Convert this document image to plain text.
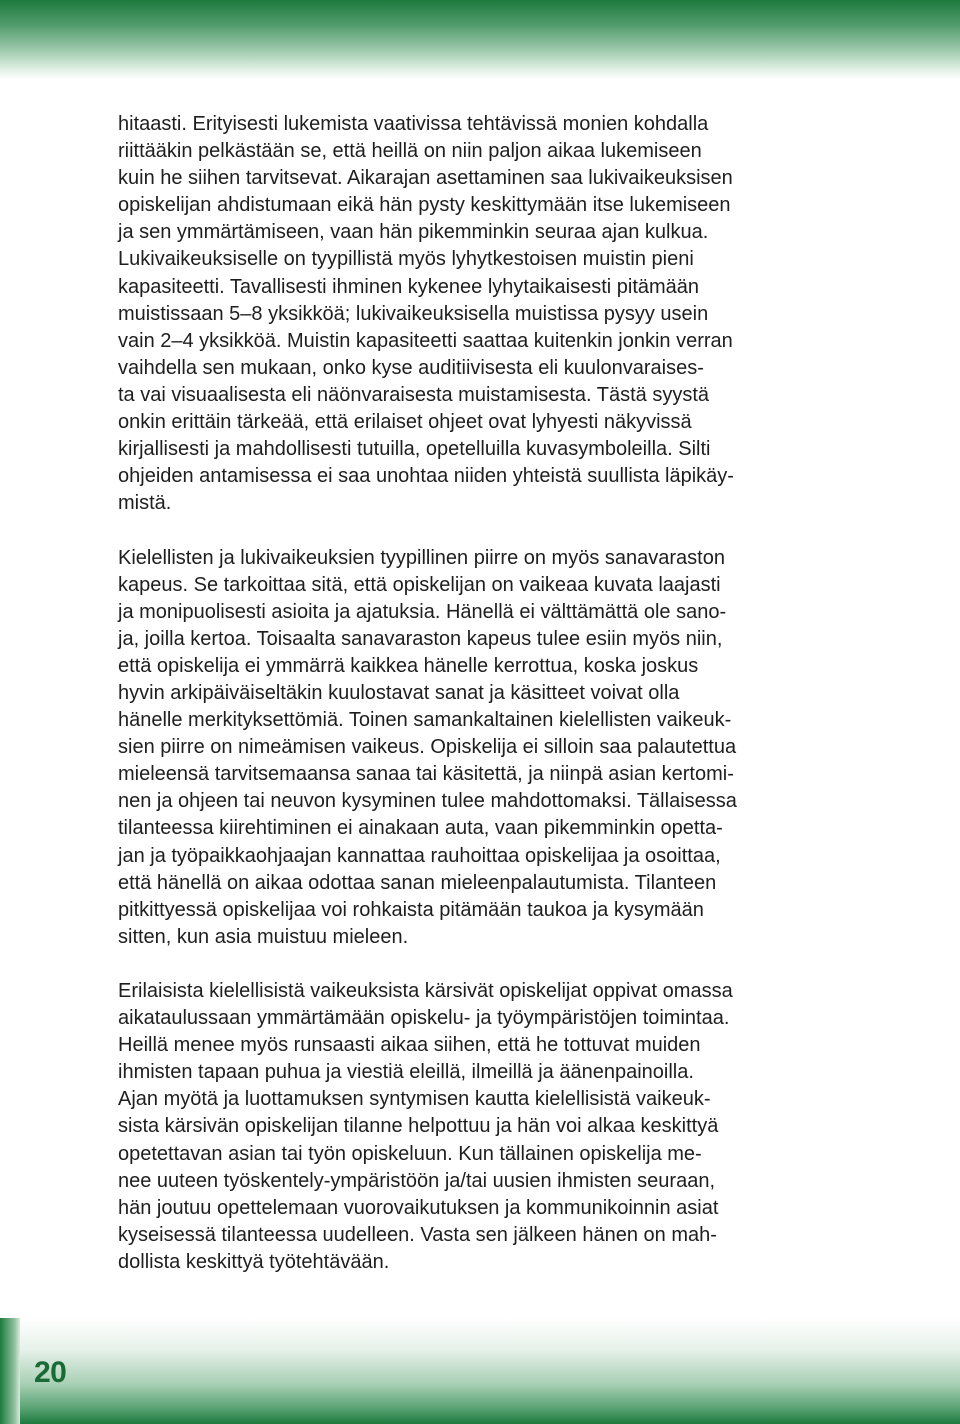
hitaasti. Erityisesti lukemista vaativissa tehtävissä monien kohdalla
riittääkin pelkästään se, että heillä on niin paljon aikaa lukemiseen
kuin he siihen tarvitsevat. Aikarajan asettaminen saa lukivaikeuksisen
opiskelijan ahdistumaan eikä hän pysty keskittymään itse lukemiseen
ja sen ymmärtämiseen, vaan hän pikemminkin seuraa ajan kulkua.
Lukivaikeuksiselle on tyypillistä myös lyhytkestoisen muistin pieni
kapasiteetti. Tavallisesti ihminen kykenee lyhytaikaisesti pitämään
muistissaan 5–8 yksikköä; lukivaikeuksisella muistissa pysyy usein
vain 2–4 yksikköä. Muistin kapasiteetti saattaa kuitenkin jonkin verran
vaihdella sen mukaan, onko kyse auditiivisesta eli kuulonvaraises-
ta vai visuaalisesta eli näönvaraisesta muistamisesta. Tästä syystä
onkin erittäin tärkeää, että erilaiset ohjeet ovat lyhyesti näkyvissä
kirjallisesti ja mahdollisesti tutuilla, opetelluilla kuvasymboleilla. Silti
ohjeiden antamisessa ei saa unohtaa niiden yhteistä suullista läpikäy-
mistä.
Kielellisten ja lukivaikeuksien tyypillinen piirre on myös sanavaraston
kapeus. Se tarkoittaa sitä, että opiskelijan on vaikeaa kuvata laajasti
ja monipuolisesti asioita ja ajatuksia. Hänellä ei välttämättä ole sano-
ja, joilla kertoa. Toisaalta sanavaraston kapeus tulee esiin myös niin,
että opiskelija ei ymmärrä kaikkea hänelle kerrottua, koska joskus
hyvin arkipäiväiseltäkin kuulostavat sanat ja käsitteet voivat olla
hänelle merkityksettömiä. Toinen samankaltainen kielellisten vaikeuk-
sien piirre on nimeämisen vaikeus. Opiskelija ei silloin saa palautettua
mieleensä tarvitsemaansa sanaa tai käsitettä, ja niinpä asian kertomi-
nen ja ohjeen tai neuvon kysyminen tulee mahdottomaksi. Tällaisessa
tilanteessa kiirehtiminen ei ainakaan auta, vaan pikemminkin opetta-
jan ja työpaikkaohjaajan kannattaa rauhoittaa opiskelijaa ja osoittaa,
että hänellä on aikaa odottaa sanan mieleenpalautumista. Tilanteen
pitkittyessä opiskelijaa voi rohkaista pitämään taukoa ja kysymään
sitten, kun asia muistuu mieleen.
Erilaisista kielellisistä vaikeuksista kärsivät opiskelijat oppivat omassa
aikataulussaan ymmärtämään opiskelu- ja työympäristöjen toimintaa.
Heillä menee myös runsaasti aikaa siihen, että he tottuvat muiden
ihmisten tapaan puhua ja viestiä eleillä, ilmeillä ja äänenpainoilla.
Ajan myötä ja luottamuksen syntymisen kautta kielellisistä vaikeuk-
sista kärsivän opiskelijan tilanne helpottuu ja hän voi alkaa keskittyä
opetettavan asian tai työn opiskeluun. Kun tällainen opiskelija me-
nee uuteen työskentely-ympäristöön ja/tai uusien ihmisten seuraan,
hän joutuu opettelemaan vuorovaikutuksen ja kommunikoinnin asiat
kyseisessä tilanteessa uudelleen. Vasta sen jälkeen hänen on mah-
dollista keskittyä työtehtävään.
20
